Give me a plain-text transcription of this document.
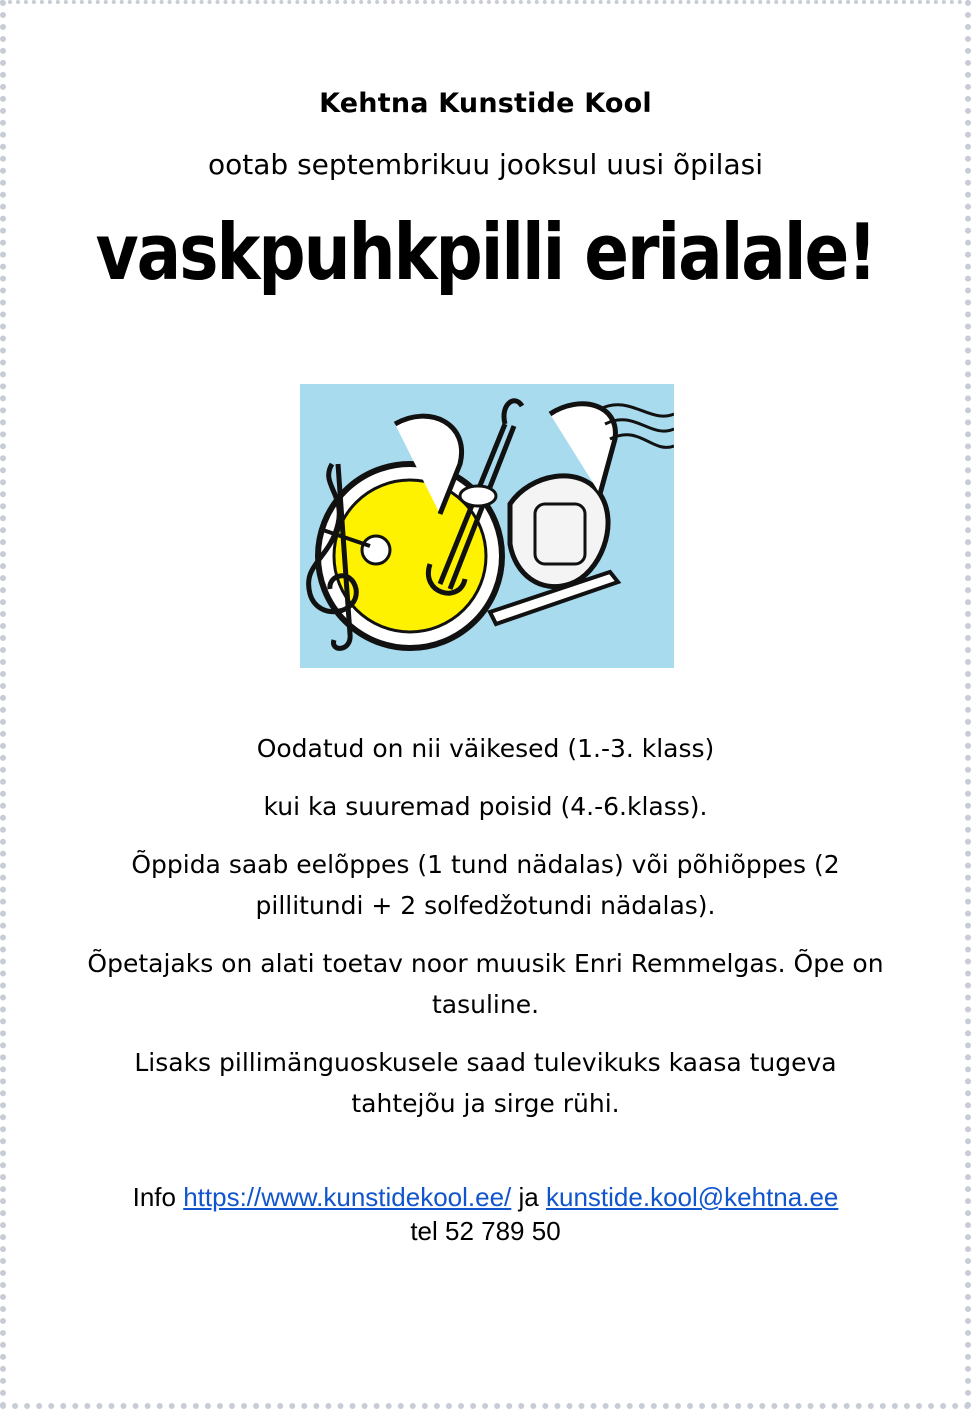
Kehtna Kunstide Kool
ootab septembrikuu jooksul uusi õpilasi
vaskpuhkpilli erialale!

Oodatud on nii väikesed (1.-3. klass)

kui ka suuremad poisid (4.-6.klass).

Õppida saab eelõppes (1 tund nädalas) või põhiõppes (2 pillitundi + 2 solfedžotundi nädalas).

Õpetajaks on alati toetav noor muusik Enri Remmelgas. Õpe on tasuline.

Lisaks pillimänguoskusele saad tulevikuks kaasa tugeva tahtejõu ja sirge rühi.

Info https://www.kunstidekool.ee/ ja kunstide.kool@kehtna.ee
tel 52 789 50
